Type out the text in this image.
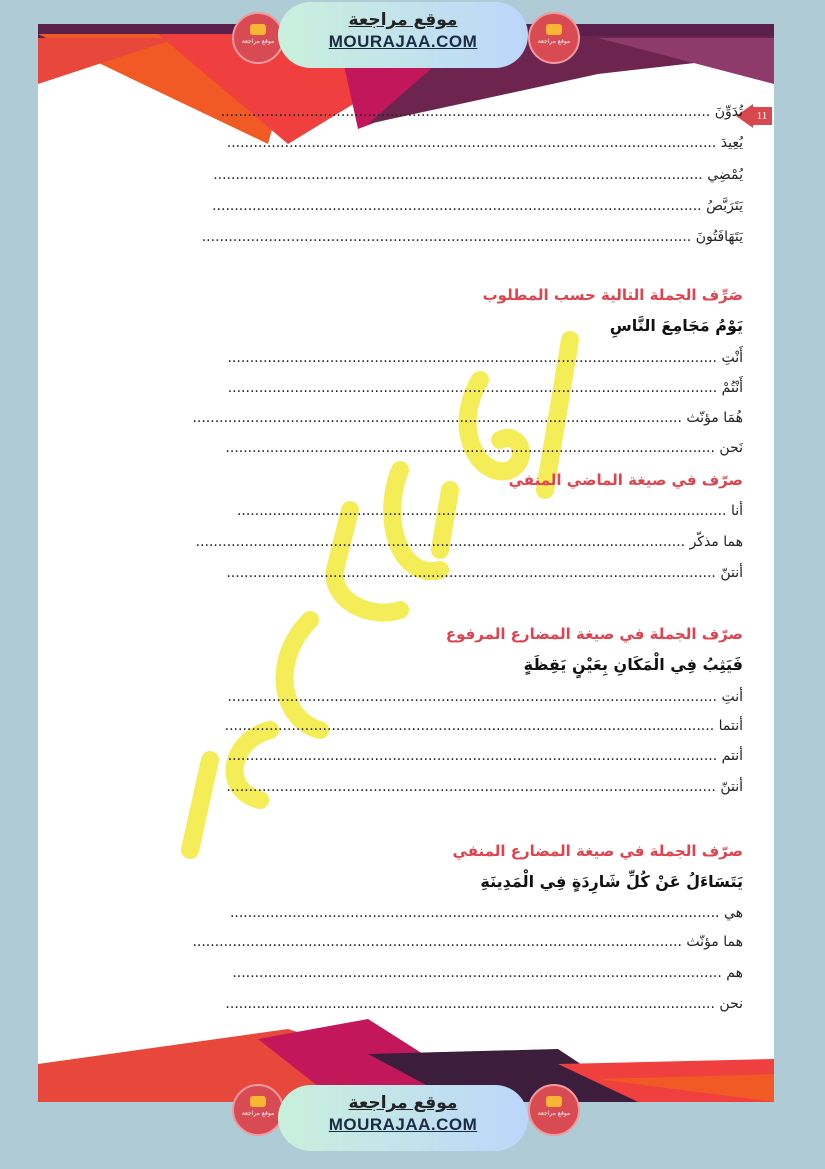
11
موقع مراجعة
موقع مراجعة
MOURAJAA.COM	موقع مراجعة
موقع مراجعة
موقع مراجعة
MOURAJAA.COM
موقع مراجعة
تُدَوِّنَ ..............................................................................................................
يُعِيدَ ..............................................................................................................
يُمْضِي ..............................................................................................................
يَتَرَبَّصُ ..............................................................................................................
يَتَهَافَتُونَ ..............................................................................................................
صَرِّف الجملة التالية حسب المطلوب
يَوْمُ مَجَامِعَ النَّاسِ
أَنْتِ ..............................................................................................................
أَنْتُمْ ..............................................................................................................
هُمَا مؤنّث ..............................................................................................................
نَحن ..............................................................................................................
صرّف في صيغة الماضي المنفي
أنا ..............................................................................................................
هما مذكّر ..............................................................................................................
أنتنّ ..............................................................................................................
صرّف الجملة في صيغة المضارع المرفوع
فَيَثِبُ فِي الْمَكَانِ بِعَيْنٍ يَقِظَةٍ
أنتِ ..............................................................................................................
أنتما ..............................................................................................................
أنتم ..............................................................................................................
أنتنّ ..............................................................................................................
صرّف الجملة في صيغة المضارع المنفي
يَتَسَاءَلُ عَنْ كُلِّ شَارِدَةٍ فِي الْمَدِينَةِ
هي ..............................................................................................................
هما مؤنّث ..............................................................................................................
هم ..............................................................................................................
نحن ..............................................................................................................
